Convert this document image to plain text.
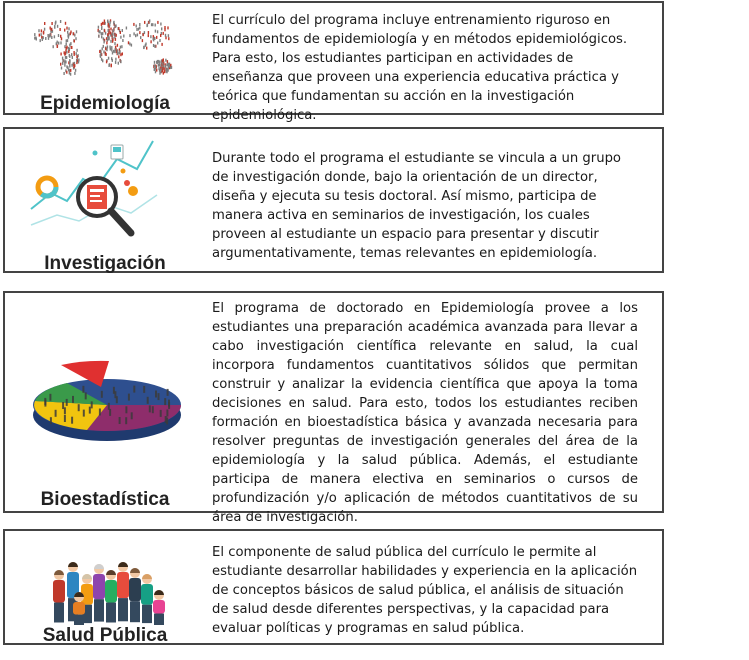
Epidemiología
El currículo del programa incluye entrenamiento riguroso en fundamentos de epidemiología y en métodos epidemiológicos. Para esto, los estudiantes participan en actividades de enseñanza que proveen una experiencia educativa práctica y teórica que fundamentan su acción en la investigación epidemiológica.
Investigación
Durante todo el programa el estudiante se vincula a un grupo de investigación donde, bajo la orientación de un director, diseña y ejecuta su tesis doctoral. Así mismo, participa de manera activa en seminarios de investigación, los cuales proveen al estudiante un espacio para presentar y discutir argumentativamente, temas relevantes en epidemiología.
Bioestadística
El programa de doctorado en Epidemiología provee a los estudiantes una preparación académica avanzada para llevar a cabo investigación científica relevante en salud, la cual incorpora fundamentos cuantitativos sólidos que permitan construir y analizar la evidencia científica que apoya la toma decisiones en salud. Para esto, todos los estudiantes reciben formación en bioestadística básica y avanzada necesaria para resolver preguntas de investigación generales del área de la epidemiología y la salud pública. Además, el estudiante participa de manera electiva en seminarios o cursos de profundización y/o aplicación de métodos cuantitativos de su área de investigación.
Salud Pública
El componente de salud pública del currículo le permite al estudiante desarrollar habilidades y experiencia en la aplicación de conceptos básicos de salud pública, el análisis de situación de salud desde diferentes perspectivas, y la capacidad para evaluar políticas y programas en salud pública.
